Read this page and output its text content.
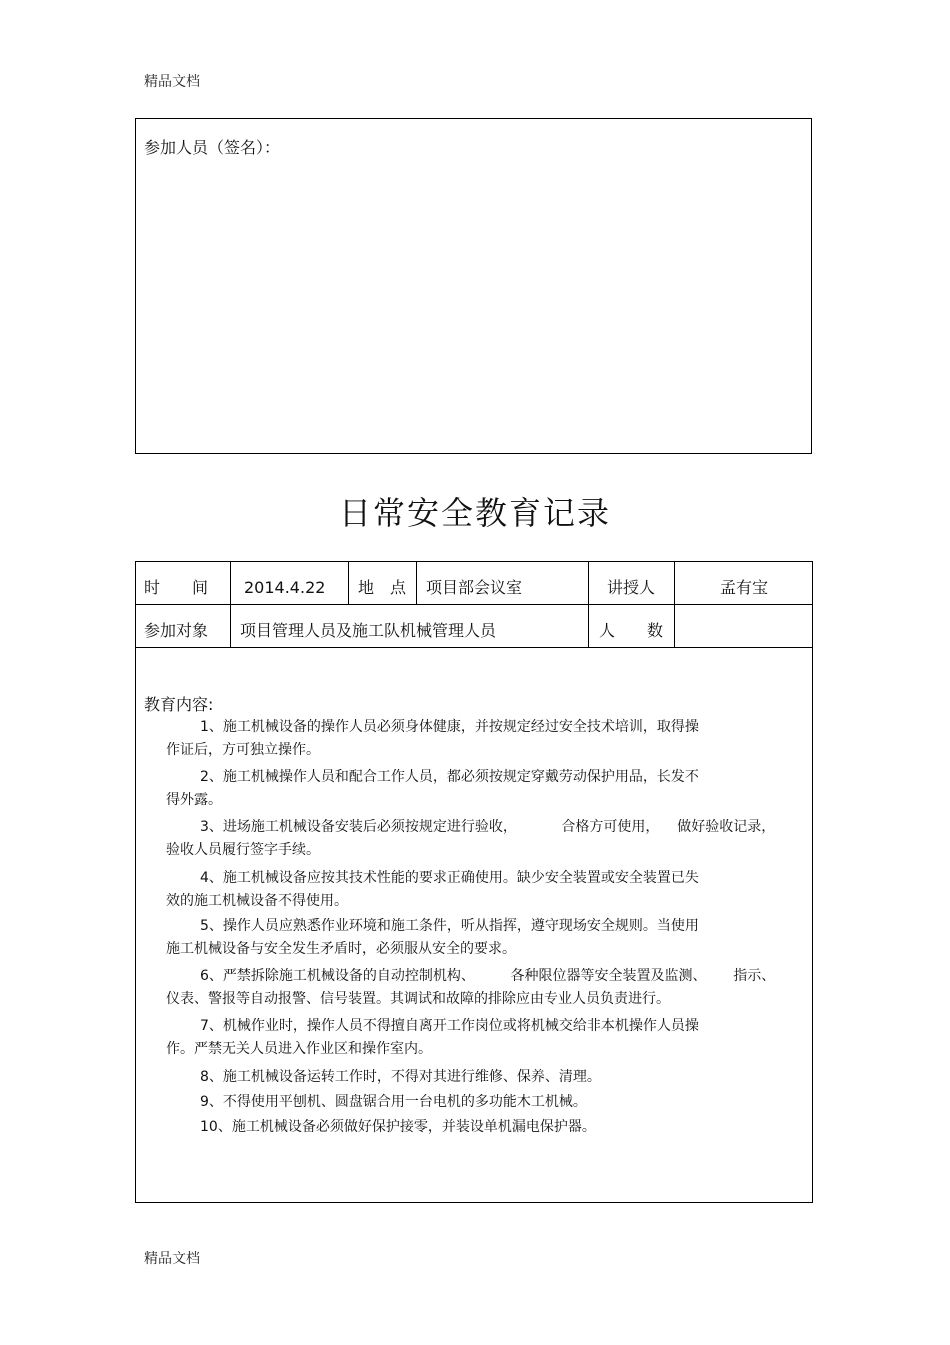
精品文档
参加人员（签名）：
日常安全教育记录
时　　间 2014.4.22 地　点 项目部会议室	讲授人	孟有宝
参加对象 项目管理人员及施工队机械管理人员	人　　数
教育内容:
1、施工机械设备的操作人员必须身体健康，并按规定经过安全技术培训，取得操
作证后，方可独立操作。
2、施工机械操作人员和配合工作人员，都必须按规定穿戴劳动保护用品，长发不
得外露。
3、进场施工机械设备安装后必须按规定进行验收，          合格方可使用，    做好验收记录，
验收人员履行签字手续。
4、施工机械设备应按其技术性能的要求正确使用。缺少安全装置或安全装置已失
效的施工机械设备不得使用。
5、操作人员应熟悉作业环境和施工条件，听从指挥，遵守现场安全规则。当使用
施工机械设备与安全发生矛盾时，必须服从安全的要求。
6、严禁拆除施工机械设备的自动控制机构、        各种限位器等安全装置及监测、      指示、
仪表、警报等自动报警、信号装置。其调试和故障的排除应由专业人员负责进行。
7、机械作业时，操作人员不得擅自离开工作岗位或将机械交给非本机操作人员操
作。严禁无关人员进入作业区和操作室内。
8、施工机械设备运转工作时，不得对其进行维修、保养、清理。
9、不得使用平刨机、圆盘锯合用一台电机的多功能木工机械。
10、施工机械设备必须做好保护接零，并装设单机漏电保护器。
精品文档
